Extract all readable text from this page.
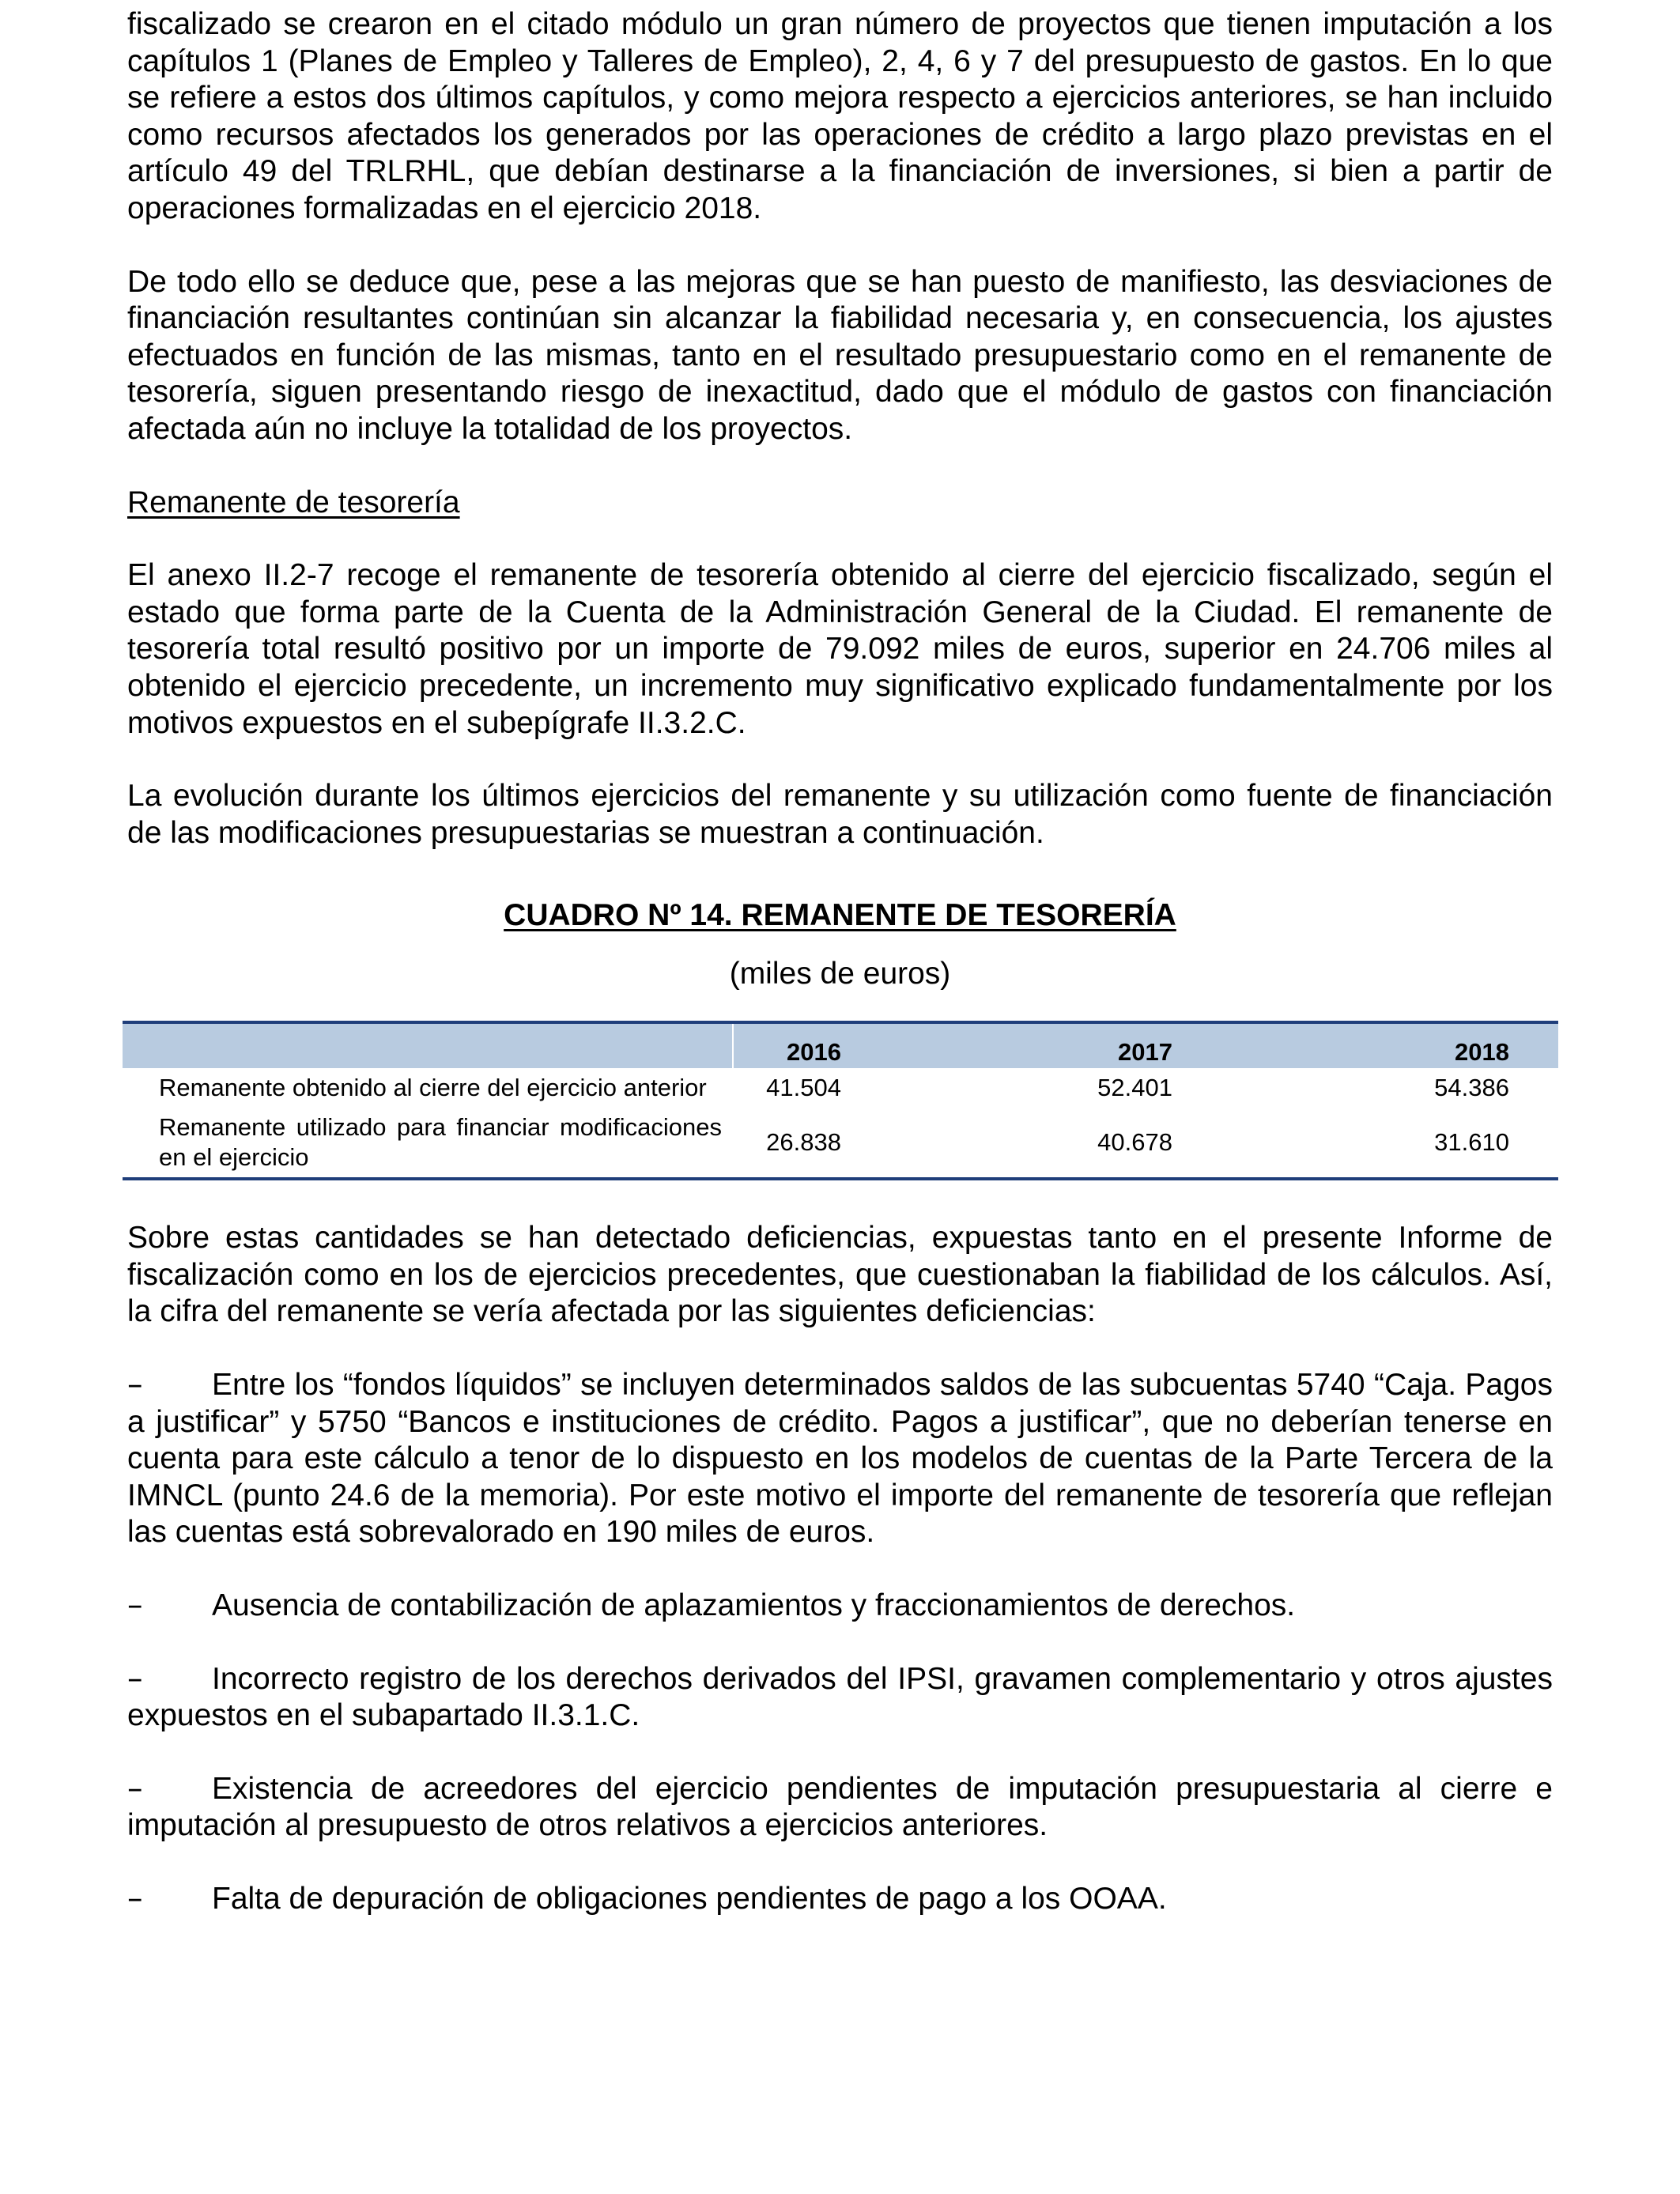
fiscalizado se crearon en el citado módulo un gran número de proyectos que tienen imputación a los capítulos 1 (Planes de Empleo y Talleres de Empleo), 2, 4, 6 y 7 del presupuesto de gastos. En lo que se refiere a estos dos últimos capítulos, y como mejora respecto a ejercicios anteriores, se han incluido como recursos afectados los generados por las operaciones de crédito a largo plazo previstas en el artículo 49 del TRLRHL, que debían destinarse a la financiación de inversiones, si bien a partir de operaciones formalizadas en el ejercicio 2018.

De todo ello se deduce que, pese a las mejoras que se han puesto de manifiesto, las desviaciones de financiación resultantes continúan sin alcanzar la fiabilidad necesaria y, en consecuencia, los ajustes efectuados en función de las mismas, tanto en el resultado presupuestario como en el remanente de tesorería, siguen presentando riesgo de inexactitud, dado que el módulo de gastos con financiación afectada aún no incluye la totalidad de los proyectos.

Remanente de tesorería

El anexo II.2-7 recoge el remanente de tesorería obtenido al cierre del ejercicio fiscalizado, según el estado que forma parte de la Cuenta de la Administración General de la Ciudad. El remanente de tesorería total resultó positivo por un importe de 79.092 miles de euros, superior en 24.706 miles al obtenido el ejercicio precedente, un incremento muy significativo explicado fundamentalmente por los motivos expuestos en el subepígrafe II.3.2.C.

La evolución durante los últimos ejercicios del remanente y su utilización como fuente de financiación de las modificaciones presupuestarias se muestran a continuación.

CUADRO Nº 14. REMANENTE DE TESORERÍA

(miles de euros)

	2016	2017	2018
Remanente obtenido al cierre del ejercicio anterior	41.504	52.401	54.386
Remanente utilizado para financiar modificaciones en el ejercicio	26.838	40.678	31.610

Sobre estas cantidades se han detectado deficiencias, expuestas tanto en el presente Informe de fiscalización como en los de ejercicios precedentes, que cuestionaban la fiabilidad de los cálculos. Así, la cifra del remanente se vería afectada por las siguientes deficiencias:

– Entre los “fondos líquidos” se incluyen determinados saldos de las subcuentas 5740 “Caja. Pagos a justificar” y 5750 “Bancos e instituciones de crédito. Pagos a justificar”, que no deberían tenerse en cuenta para este cálculo a tenor de lo dispuesto en los modelos de cuentas de la Parte Tercera de la IMNCL (punto 24.6 de la memoria). Por este motivo el importe del remanente de tesorería que reflejan las cuentas está sobrevalorado en 190 miles de euros.

– Ausencia de contabilización de aplazamientos y fraccionamientos de derechos.

– Incorrecto registro de los derechos derivados del IPSI, gravamen complementario y otros ajustes expuestos en el subapartado II.3.1.C.

– Existencia de acreedores del ejercicio pendientes de imputación presupuestaria al cierre e imputación al presupuesto de otros relativos a ejercicios anteriores.

– Falta de depuración de obligaciones pendientes de pago a los OOAA.
